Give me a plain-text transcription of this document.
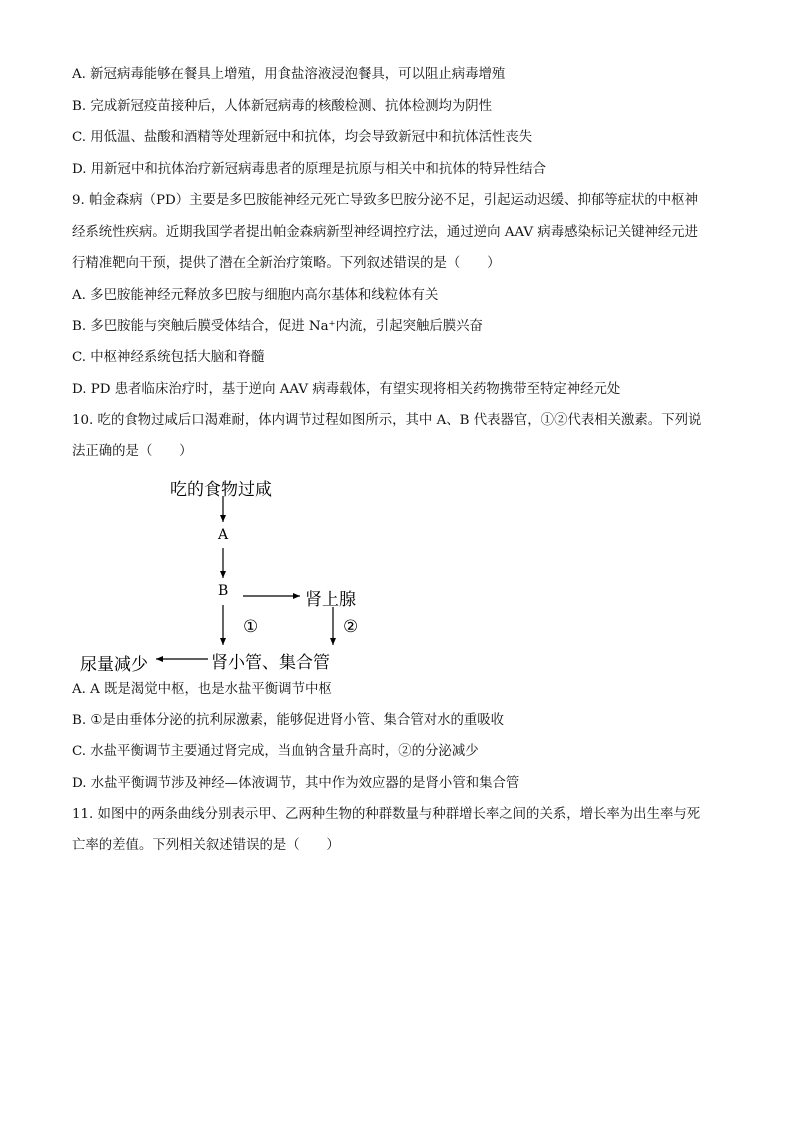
A. 新冠病毒能够在餐具上增殖，用食盐溶液浸泡餐具，可以阻止病毒增殖
B. 完成新冠疫苗接种后，人体新冠病毒的核酸检测、抗体检测均为阴性
C. 用低温、盐酸和酒精等处理新冠中和抗体，均会导致新冠中和抗体活性丧失
D. 用新冠中和抗体治疗新冠病毒患者的原理是抗原与相关中和抗体的特异性结合
9. 帕金森病（PD）主要是多巴胺能神经元死亡导致多巴胺分泌不足，引起运动迟缓、抑郁等症状的中枢神
经系统性疾病。近期我国学者提出帕金森病新型神经调控疗法，通过逆向 AAV 病毒感染标记关键神经元进
行精准靶向干预，提供了潜在全新治疗策略。下列叙述错误的是（　　）
A. 多巴胺能神经元释放多巴胺与细胞内高尔基体和线粒体有关
B. 多巴胺能与突触后膜受体结合，促进 Na⁺内流，引起突触后膜兴奋
C. 中枢神经系统包括大脑和脊髓
D. PD 患者临床治疗时，基于逆向 AAV 病毒载体，有望实现将相关药物携带至特定神经元处
10. 吃的食物过咸后口渴难耐，体内调节过程如图所示，其中 A、B 代表器官，①②代表相关激素。下列说
法正确的是（　　）
吃的食物过咸
A
B	肾上腺
①	②
肾小管、集合管
尿量减少
A. A 既是渴觉中枢，也是水盐平衡调节中枢
B. ①是由垂体分泌的抗利尿激素，能够促进肾小管、集合管对水的重吸收
C. 水盐平衡调节主要通过肾完成，当血钠含量升高时，②的分泌减少
D. 水盐平衡调节涉及神经—体液调节，其中作为效应器的是肾小管和集合管
11. 如图中的两条曲线分别表示甲、乙两种生物的种群数量与种群增长率之间的关系，增长率为出生率与死
亡率的差值。下列相关叙述错误的是（　　）
